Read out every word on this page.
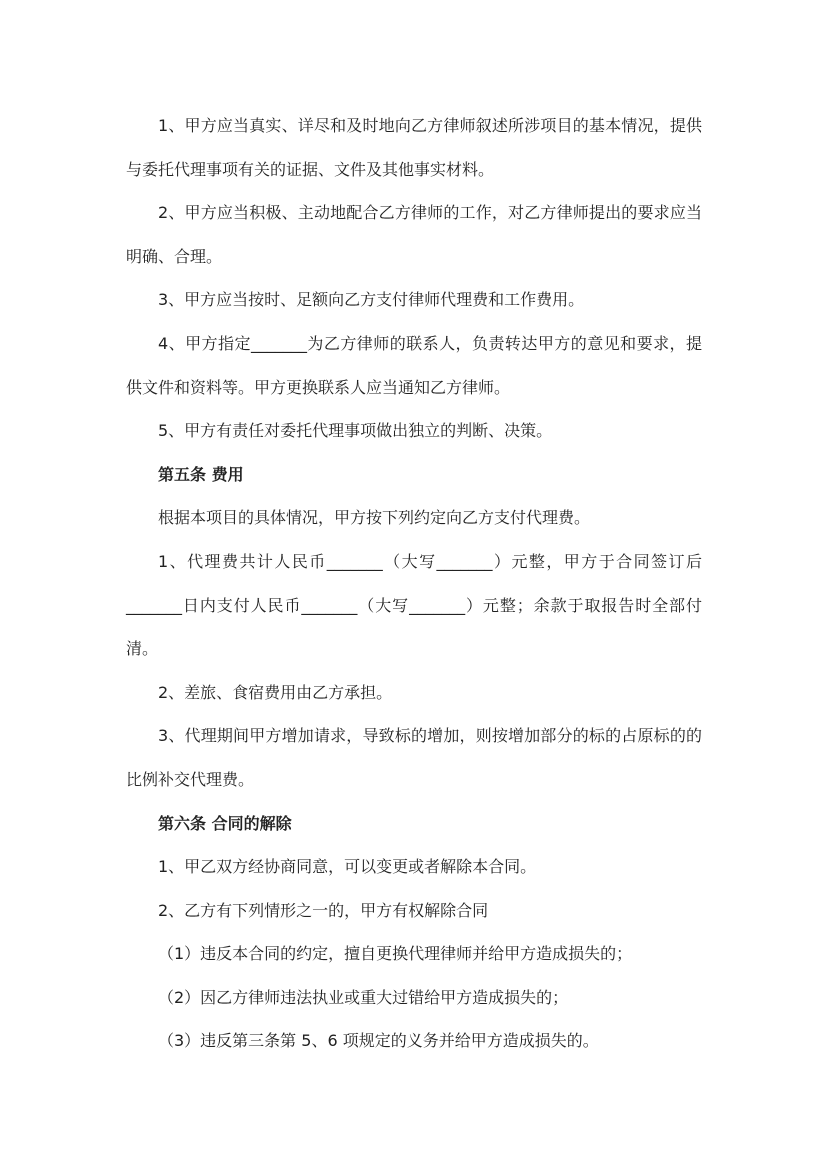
1、甲方应当真实、详尽和及时地向乙方律师叙述所涉项目的基本情况，提供与委托代理事项有关的证据、文件及其他事实材料。

2、甲方应当积极、主动地配合乙方律师的工作，对乙方律师提出的要求应当明确、合理。

3、甲方应当按时、足额向乙方支付律师代理费和工作费用。

4、甲方指定_______为乙方律师的联系人，负责转达甲方的意见和要求，提供文件和资料等。甲方更换联系人应当通知乙方律师。

5、甲方有责任对委托代理事项做出独立的判断、决策。

第五条 费用

根据本项目的具体情况，甲方按下列约定向乙方支付代理费。

1、代理费共计人民币_______（大写_______）元整，甲方于合同签订后_______日内支付人民币_______（大写_______）元整；余款于取报告时全部付清。

2、差旅、食宿费用由乙方承担。

3、代理期间甲方增加请求，导致标的增加，则按增加部分的标的占原标的的比例补交代理费。

第六条 合同的解除

1、甲乙双方经协商同意，可以变更或者解除本合同。

2、乙方有下列情形之一的，甲方有权解除合同

（1）违反本合同的约定，擅自更换代理律师并给甲方造成损失的；

（2）因乙方律师违法执业或重大过错给甲方造成损失的；

（3）违反第三条第 5、6 项规定的义务并给甲方造成损失的。
